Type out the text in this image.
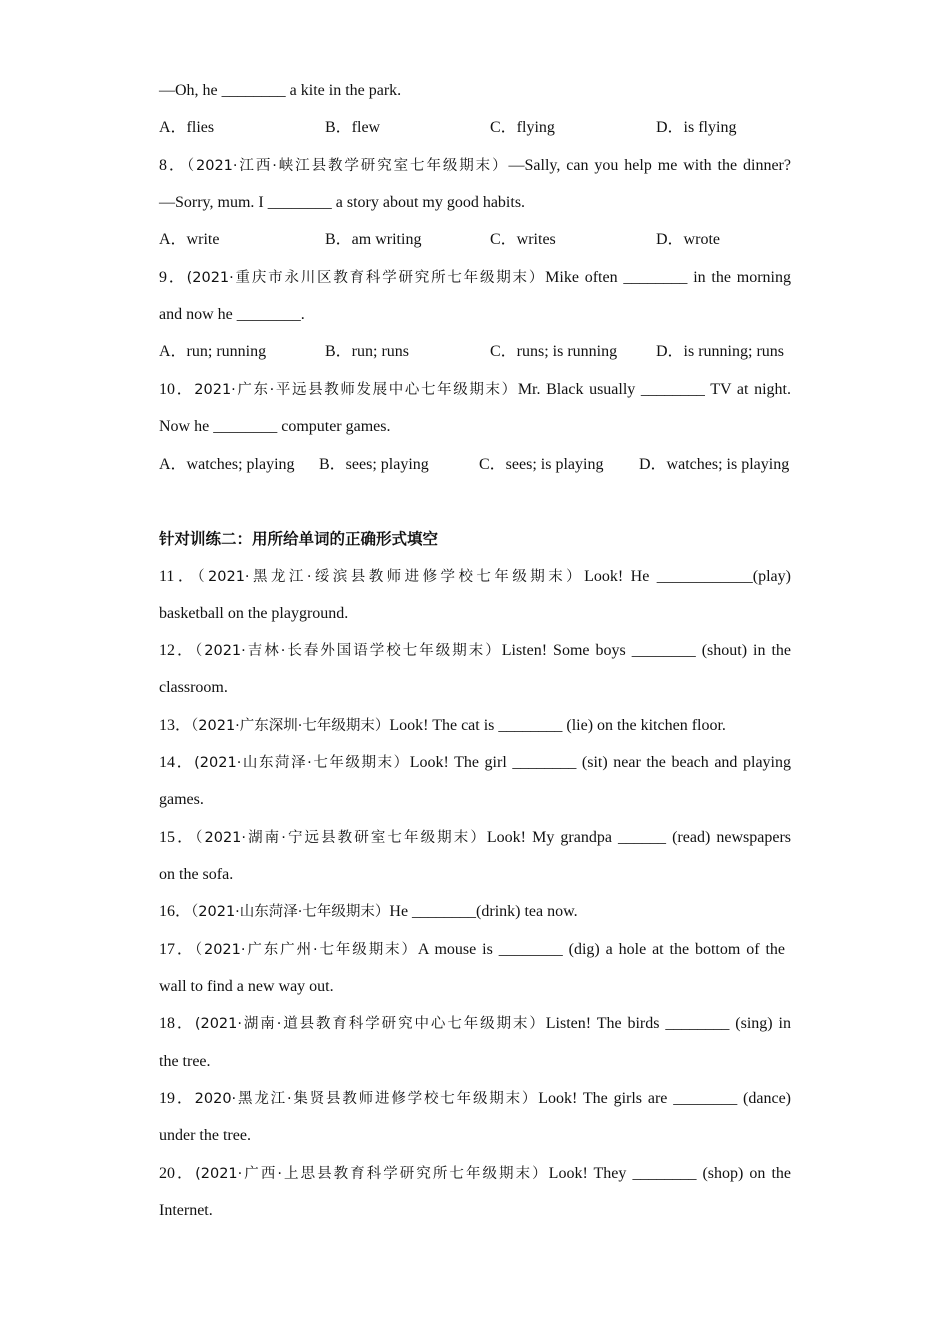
—Oh, he ________ a kite in the park.
A．flies	B．flew	C．flying	D．is flying
8．（2021·江西·峡江县教学研究室七年级期末）—Sally, can you help me with the dinner?
—Sorry, mum. I ________ a story about my good habits.
A．write	B．am writing	C．writes	D．wrote
9．(2021·重庆市永川区教育科学研究所七年级期末）Mike often ________ in the morning
and now he ________.
A．run; running	B．run; runs	C．runs; is running D．is running; runs
10．2021·广东·平远县教师发展中心七年级期末）Mr. Black usually ________ TV at night.
Now he ________ computer games.
A．watches; playing B．sees; playing	C．sees; is playing D．watches; is playing
针对训练二：用所给单词的正确形式填空
11．（2021·黑龙江·绥滨县教师进修学校七年级期末）Look! He ____________(play)
basketball on the playground.
12．（2021·吉林·长春外国语学校七年级期末）Listen! Some boys ________ (shout) in the
classroom.
13．（2021·广东深圳·七年级期末）Look! The cat is ________ (lie) on the kitchen floor.
14．(2021·山东菏泽·七年级期末）Look! The girl ________ (sit) near the beach and playing
games.
15．（2021·湖南·宁远县教研室七年级期末）Look! My grandpa ______ (read) newspapers
on the sofa.
16．（2021·山东菏泽·七年级期末）He ________(drink) tea now.
17．（2021·广东广州·七年级期末）A mouse is ________ (dig) a hole at the bottom of the
wall to find a new way out.
18．(2021·湖南·道县教育科学研究中心七年级期末）Listen! The birds ________ (sing) in
the tree.
19．2020·黑龙江·集贤县教师进修学校七年级期末）Look! The girls are ________ (dance)
under the tree.
20．(2021·广西·上思县教育科学研究所七年级期末）Look! They ________ (shop) on the
Internet.
